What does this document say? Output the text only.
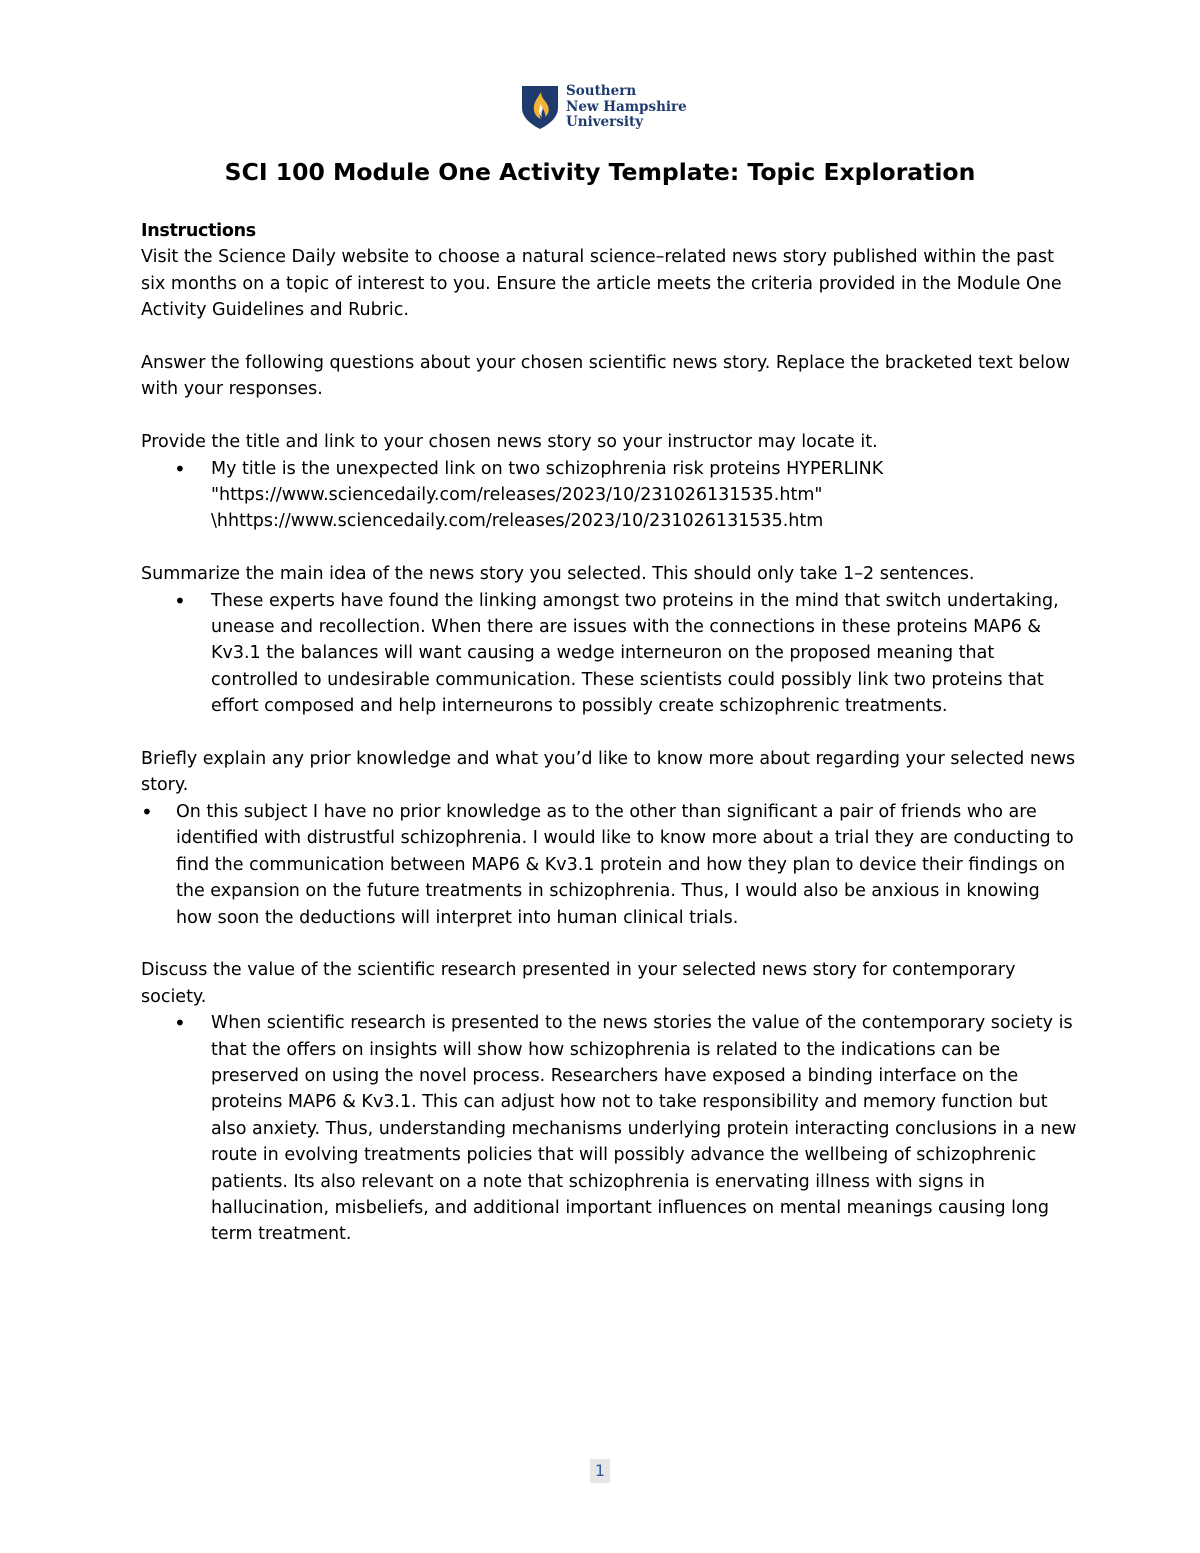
Southern
New Hampshire
University
SCI 100 Module One Activity Template: Topic Exploration

Instructions

Visit the Science Daily website to choose a natural science–related news story published within the past six months on a topic of interest to you. Ensure the article meets the criteria provided in the Module One Activity Guidelines and Rubric.

Answer the following questions about your chosen scientific news story. Replace the bracketed text below with your responses.

Provide the title and link to your chosen news story so your instructor may locate it.

• My title is the unexpected link on two schizophrenia risk proteins HYPERLINK "https://www.sciencedaily.com/releases/2023/10/231026131535.htm" \hhttps://www.sciencedaily.com/releases/2023/10/231026131535.htm

Summarize the main idea of the news story you selected. This should only take 1–2 sentences.

• These experts have found the linking amongst two proteins in the mind that switch undertaking, unease and recollection. When there are issues with the connections in these proteins MAP6 & Kv3.1 the balances will want causing a wedge interneuron on the proposed meaning that controlled to undesirable communication. These scientists could possibly link two proteins that effort composed and help interneurons to possibly create schizophrenic treatments.

Briefly explain any prior knowledge and what you’d like to know more about regarding your selected news story.

• On this subject I have no prior knowledge as to the other than significant a pair of friends who are identified with distrustful schizophrenia. I would like to know more about a trial they are conducting to find the communication between MAP6 & Kv3.1 protein and how they plan to device their findings on the expansion on the future treatments in schizophrenia. Thus, I would also be anxious in knowing how soon the deductions will interpret into human clinical trials.

Discuss the value of the scientific research presented in your selected news story for contemporary society.

• When scientific research is presented to the news stories the value of the contemporary society is that the offers on insights will show how schizophrenia is related to the indications can be preserved on using the novel process. Researchers have exposed a binding interface on the proteins MAP6 & Kv3.1. This can adjust how not to take responsibility and memory function but also anxiety. Thus, understanding mechanisms underlying protein interacting conclusions in a new route in evolving treatments policies that will possibly advance the wellbeing of schizophrenic patients. Its also relevant on a note that schizophrenia is enervating illness with signs in hallucination, misbeliefs, and additional important influences on mental meanings causing long term treatment.
1
